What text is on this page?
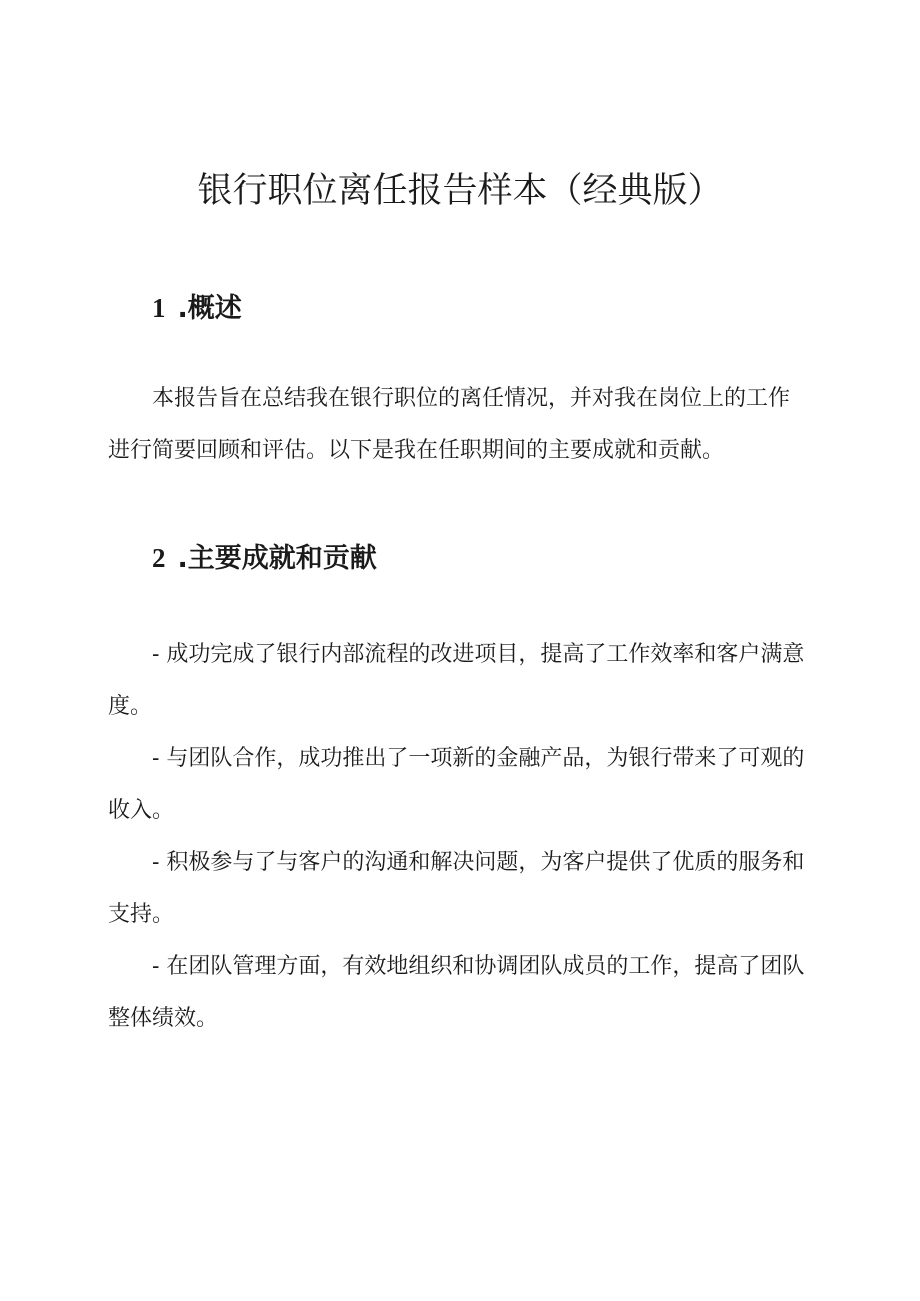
银行职位离任报告样本（经典版）
1 .概述

本报告旨在总结我在银行职位的离任情况，并对我在岗位上的工作进行简要回顾和评估。以下是我在任职期间的主要成就和贡献。

2 .主要成就和贡献
- 成功完成了银行内部流程的改进项目，提高了工作效率和客户满意度。
- 与团队合作，成功推出了一项新的金融产品，为银行带来了可观的收入。
- 积极参与了与客户的沟通和解决问题，为客户提供了优质的服务和支持。
- 在团队管理方面，有效地组织和协调团队成员的工作，提高了团队整体绩效。
